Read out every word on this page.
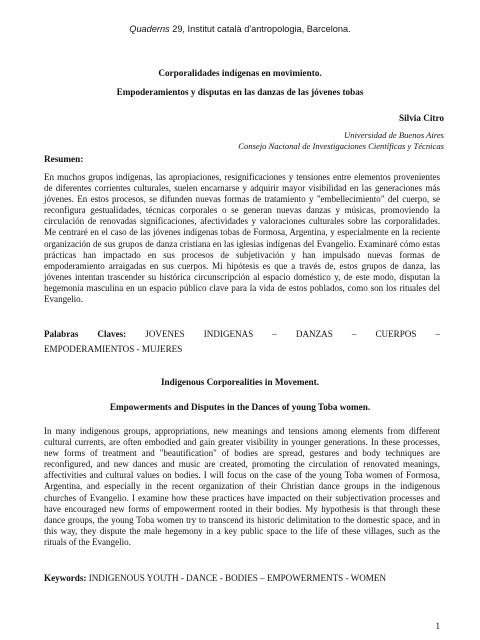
Quaderns 29, Institut català d'antropologia, Barcelona.
Corporalidades indígenas en movimiento.
Empoderamientos y disputas en las danzas de las jóvenes tobas
Silvia Citro
Universidad de Buenos Aires
Consejo Nacional de Investigaciones Científicas y Técnicas
Resumen:

En muchos grupos indígenas, las apropiaciones, resignificaciones y tensiones entre elementos provenientes de diferentes corrientes culturales, suelen encarnarse y adquirir mayor visibilidad en las generaciones más jóvenes. En estos procesos, se difunden nuevas formas de tratamiento y "embellecimiento" del cuerpo, se reconfigura gestualidades, técnicas corporales o se generan nuevas danzas y músicas, promoviendo la circulación de renovadas significaciones, afectividades y valoraciones culturales sobre las corporalidades. Me centraré en el caso de las jóvenes indígenas tobas de Formosa, Argentina, y especialmente en la reciente organización de sus grupos de danza cristiana en las iglesias indígenas del Evangelio. Examinaré cómo estas prácticas han impactado en sus procesos de subjetivación y han impulsado nuevas formas de empoderamiento arraigadas en sus cuerpos. Mi hipótesis es que a través de, estos grupos de danza, las jóvenes intentan trascender su histórica circunscripción al espacio doméstico y, de este modo, disputan la hegemonía masculina en un espacio público clave para la vida de estos poblados, como son los rituales del Evangelio.

Palabras Claves: JOVENES INDIGENAS – DANZAS – CUERPOS –
EMPODERAMIENTOS - MUJERES
Indigenous Corporealities in Movement.
Empowerments and Disputes in the Dances of young Toba women.

In many indigenous groups, appropriations, new meanings and tensions among elements from different cultural currents, are often embodied and gain greater visibility in younger generations. In these processes, new forms of treatment and "beautification" of bodies are spread, gestures and body techniques are reconfigured, and new dances and music are created, promoting the circulation of renovated meanings, affectivities and cultural values on bodies. I will focus on the case of the young Toba women of Formosa, Argentina, and especially in the recent organization of their Christian dance groups in the indigenous churches of Evangelio. I examine how these practices have impacted on their subjectivation processes and have encouraged new forms of empowerment rooted in their bodies. My hypothesis is that through these dance groups, the young Toba women try to transcend its historic delimitation to the domestic space, and in this way, they dispute the male hegemony in a key public space to the life of these villages, such as the rituals of the Evangelio.

Keywords: INDIGENOUS YOUTH - DANCE - BODIES – EMPOWERMENTS - WOMEN
1
